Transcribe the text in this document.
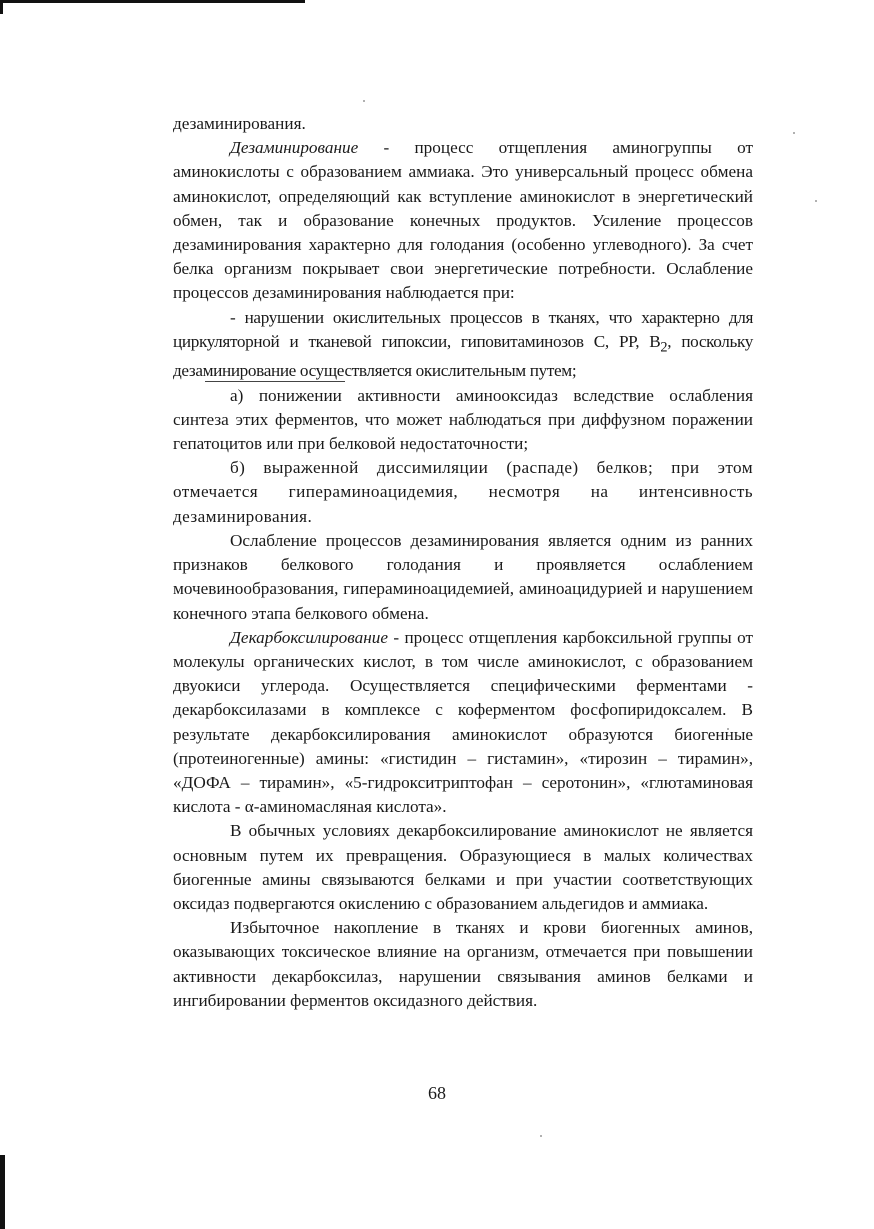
дезаминирования.

Дезаминирование - процесс отщепления аминогруппы от аминокислоты с образованием аммиака. Это универсальный процесс обмена аминокислот, определяющий как вступление аминокислот в энергетический обмен, так и образование конечных продуктов. Усиление процессов дезаминирования характерно для голодания (особенно углеводного). За счет белка организм покрывает свои энергетические потребности. Ослабление процессов дезаминирования наблюдается при:

- нарушении окислительных процессов в тканях, что характерно для циркуляторной и тканевой гипоксии, гиповитаминозов С, РР, $В_2$, поскольку дезаминирование осуществляется окислительным путем;

а) понижении активности аминооксидаз вследствие ослабления синтеза этих ферментов, что может наблюдаться при диффузном поражении гепатоцитов или при белковой недостаточности;

б) выраженной диссимиляции (распаде) белков; при этом отмечается гипераминоацидемия, несмотря на интенсивность дезаминирования.

Ослабление процессов дезаминирования является одним из ранних признаков белкового голодания и проявляется ослаблением мочевинообразования, гипераминоацидемией, аминоацидурией и нарушением конечного этапа белкового обмена.

Декарбоксилирование - процесс отщепления карбоксильной группы от молекулы органических кислот, в том числе аминокислот, с образованием двуокиси углерода. Осуществляется специфическими ферментами - декарбоксилазами в комплексе с коферментом фосфопиридоксалем. В результате декарбоксилирования аминокислот образуются биогенные (протеиногенные) амины: «гистидин – гистамин», «тирозин – тирамин», «ДОФА – тирамин», «5-гидрокситриптофан – серотонин», «глютаминовая кислота - α-аминомасляная кислота».

В обычных условиях декарбоксилирование аминокислот не является основным путем их превращения. Образующиеся в малых количествах биогенные амины связываются белками и при участии соответствующих оксидаз подвергаются окислению с образованием альдегидов и аммиака.

Избыточное накопление в тканях и крови биогенных аминов, оказывающих токсическое влияние на организм, отмечается при повышении активности декарбоксилаз, нарушении связывания аминов белками и ингибировании ферментов оксидазного действия.

68
